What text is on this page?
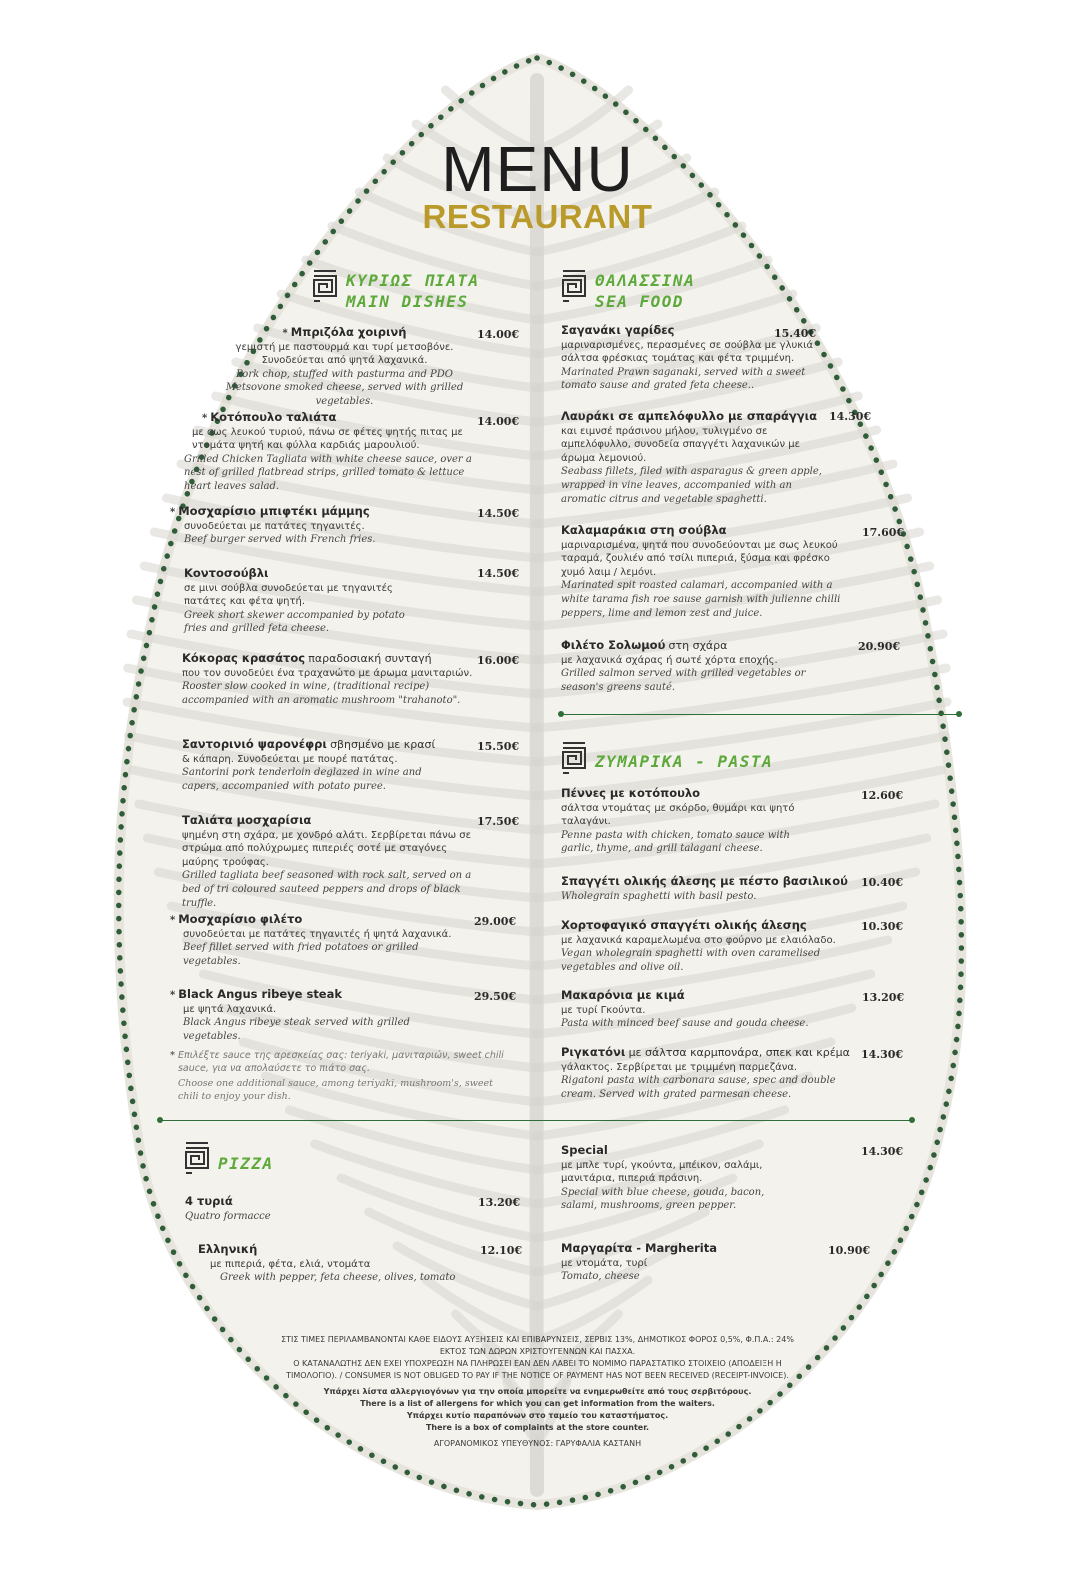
MENU
RESTAURANT
ΚΥΡΙΩΣ ΠΙΑΤΑ
MAIN DISHES
ΘΑΛΑΣΣΙΝΑ
SEA FOOD
ΖΥΜΑΡΙΚΑ - PASTA
PIZZA
* Μπριζόλα χοιρινή
γεμιστή με παστουρμά και τυρί μετσοβόνε. Συνοδεύεται από ψητά λαχανικά.
Pork chop, stuffed with pasturma and PDO Metsovone smoked cheese, served with grilled vegetables.
14.00€
* Κοτόπουλο ταλιάτα
με σως λευκού τυριού, πάνω σε φέτες ψητής πιτας με ντομάτα ψητή και φύλλα καρδιάς μαρουλιού.
Grilled Chicken Tagliata with white cheese sauce, over a nest of grilled flatbread strips, grilled tomato & lettuce heart leaves salad.
14.00€
* Μοσχαρίσιο μπιφτέκι μάμμης
συνοδεύεται με πατάτες τηγανιτές.
Beef burger served with French fries.
14.50€
Κοντοσούβλι
σε μινι σούβλα συνοδεύεται με τηγανιτές πατάτες και φέτα ψητή.
Greek short skewer accompanied by potato fries and grilled feta cheese.
14.50€
Κόκορας κρασάτος παραδοσιακή συνταγή
που τον συνοδεύει ένα τραχανώτο με άρωμα μανιταριών.
Rooster slow cooked in wine, (traditional recipe) accompanied with an aromatic mushroom "trahanoto".
16.00€
Σαντορινιό ψαρονέφρι σβησμένο με κρασί
& κάπαρη. Συνοδεύεται με πουρέ πατάτας.
Santorini pork tenderloin deglazed in wine and capers, accompanied with potato puree.
15.50€
Ταλιάτα μοσχαρίσια
ψημένη στη σχάρα, με χονδρό αλάτι. Σερβίρεται πάνω σε στρώμα από πολύχρωμες πιπεριές σοτέ με σταγόνες μαύρης τρούφας.
Grilled tagliata beef seasoned with rock salt, served on a bed of tri coloured sauteed peppers and drops of black truffle.
17.50€
* Μοσχαρίσιο φιλέτο
συνοδεύεται με πατάτες τηγανιτές ή ψητά λαχανικά.
Beef fillet served with fried potatoes or grilled vegetables.
29.00€
* Black Angus ribeye steak
με ψητά λαχανικά.
Black Angus ribeye steak served with grilled vegetables.
29.50€
* Επιλέξτε sauce της αρεσκείας σας: teriyaki, μανιταριών, sweet chili sauce, για να απολαύσετε το πιάτο σας.
Choose one additional sauce, among teriyaki, mushroom's, sweet chili to enjoy your dish.
Σαγανάκι γαρίδες
μαριναρισμένες, περασμένες σε σούβλα με γλυκιά σάλτσα φρέσκιας τομάτας και φέτα τριμμένη.
Marinated Prawn saganaki, served with a sweet tomato sause and grated feta cheese..
15.40€
Λαυράκι σε αμπελόφυλλο με σπαράγγια
και ειμνσέ πράσινου μήλου, τυλιγμένο σε αμπελόφυλλο, συνοδεία σπαγγέτι λαχανικών με άρωμα λεμονιού.
Seabass fillets, filed with asparagus & green apple, wrapped in vine leaves, accompanied with an aromatic citrus and vegetable spaghetti.
14.30€
Καλαμαράκια στη σούβλα
μαριναρισμένα, ψητά που συνοδεύονται με σως λευκού ταραμά, ζουλιέν από τσίλι πιπεριά, ξύσμα και φρέσκο χυμό λαιμ / λεμόνι.
Marinated spit roasted calamari, accompanied with a white tarama fish roe sause garnish with julienne chilli peppers, lime and lemon zest and juice.
17.60€
Φιλέτο Σολωμού στη σχάρα
με λαχανικά σχάρας ή σωτέ χόρτα εποχής.
Grilled salmon served with grilled vegetables or season's greens sauté.
20.90€
Πέννες με κοτόπουλο
σάλτσα ντομάτας με σκόρδο, θυμάρι και ψητό ταλαγάνι.
Penne pasta with chicken, tomato sauce with garlic, thyme, and grill talagani cheese.
12.60€
Σπαγγέτι ολικής άλεσης με πέστο βασιλικού
Wholegrain spaghetti with basil pesto.
10.40€
Χορτοφαγικό σπαγγέτι ολικής άλεσης
με λαχανικά καραμελωμένα στο φούρνο με ελαιόλαδο.
Vegan wholegrain spaghetti with oven caramelised vegetables and olive oil.
10.30€
Μακαρόνια με κιμά
με τυρί Γκούντα.
Pasta with minced beef sause and gouda cheese.
13.20€
Ριγκατόνι με σάλτσα καρμπονάρα, σπεκ και κρέμα
γάλακτος. Σερβίρεται με τριμμένη παρμεζάνα.
Rigatoni pasta with carbonara sause, spec and double cream. Served with grated parmesan cheese.
14.30€
4 τυριά
Quatro formacce
13.20€
Ελληνική
με πιπεριά, φέτα, ελιά, ντομάτα
Greek with pepper, feta cheese, olives, tomato
12.10€
Special
με μπλε τυρί, γκούντα, μπέικον, σαλάμι, μανιτάρια, πιπεριά πράσινη.
Special with blue cheese, gouda, bacon, salami, mushrooms, green pepper.
14.30€
Μαργαρίτα - Margherita
με ντομάτα, τυρί
Tomato, cheese
10.90€

ΣΤΙΣ ΤΙΜΕΣ ΠΕΡΙΛΑΜΒΑΝΟΝΤΑΙ ΚΑΘΕ ΕΙΔΟΥΣ ΑΥΞΗΣΕΙΣ ΚΑΙ ΕΠΙΒΑΡΥΝΣΕΙΣ, ΣΕΡΒΙΣ 13%, ΔΗΜΟΤΙΚΟΣ ΦΟΡΟΣ 0,5%, Φ.Π.Α.: 24% ΕΚΤΟΣ ΤΩΝ ΔΩΡΩΝ ΧΡΙΣΤΟΥΓΕΝΝΩΝ ΚΑΙ ΠΑΣΧΑ.

Ο ΚΑΤΑΝΑΛΩΤΗΣ ΔΕΝ ΕΧΕΙ ΥΠΟΧΡΕΩΣΗ ΝΑ ΠΛΗΡΩΣΕΙ ΕΑΝ ΔΕΝ ΛΑΒΕΙ ΤΟ ΝΟΜΙΜΟ ΠΑΡΑΣΤΑΤΙΚΟ ΣΤΟΙΧΕΙΟ (ΑΠΟΔΕΙΞΗ Η ΤΙΜΟΛΟΓΙΟ). / CONSUMER IS NOT OBLIGED TO PAY IF THE NOTICE OF PAYMENT HAS NOT BEEN RECEIVED (RECEIPT-INVOICE).

Υπάρχει λίστα αλλεργιογόνων για την οποία μπορείτε να ενημερωθείτε από τους σερβιτόρους.

There is a list of allergens for which you can get information from the waiters.

Υπάρχει κυτίο παραπόνων στο ταμείο του καταστήματος.

There is a box of complaints at the store counter.

ΑΓΟΡΑΝΟΜΙΚΟΣ ΥΠΕΥΘΥΝΟΣ: ΓΑΡΥΦΑΛΙΑ ΚΑΣΤΑΝΗ
